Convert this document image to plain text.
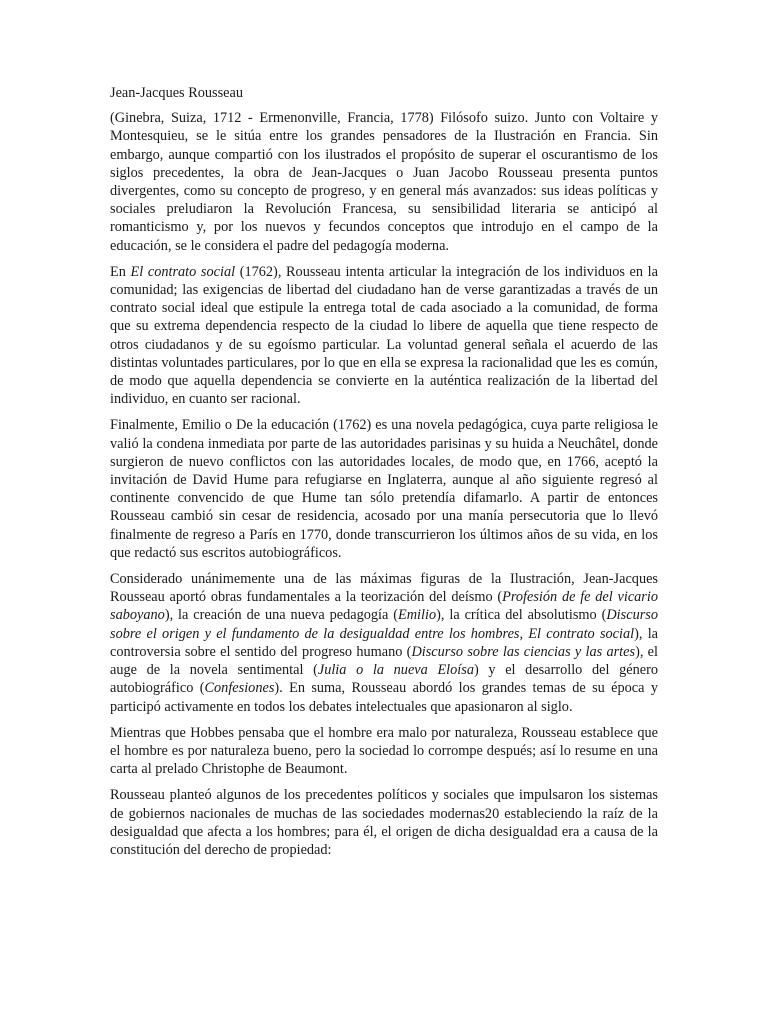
Jean-Jacques Rousseau

(Ginebra, Suiza, 1712 - Ermenonville, Francia, 1778) Filósofo suizo. Junto con Voltaire y Montesquieu, se le sitúa entre los grandes pensadores de la Ilustración en Francia. Sin embargo, aunque compartió con los ilustrados el propósito de superar el oscurantismo de los siglos precedentes, la obra de Jean-Jacques o Juan Jacobo Rousseau presenta puntos divergentes, como su concepto de progreso, y en general más avanzados: sus ideas políticas y sociales preludiaron la Revolución Francesa, su sensibilidad literaria se anticipó al romanticismo y, por los nuevos y fecundos conceptos que introdujo en el campo de la educación, se le considera el padre del pedagogía moderna.

En El contrato social (1762), Rousseau intenta articular la integración de los individuos en la comunidad; las exigencias de libertad del ciudadano han de verse garantizadas a través de un contrato social ideal que estipule la entrega total de cada asociado a la comunidad, de forma que su extrema dependencia respecto de la ciudad lo libere de aquella que tiene respecto de otros ciudadanos y de su egoísmo particular. La voluntad general señala el acuerdo de las distintas voluntades particulares, por lo que en ella se expresa la racionalidad que les es común, de modo que aquella dependencia se convierte en la auténtica realización de la libertad del individuo, en cuanto ser racional.

Finalmente, Emilio o De la educación (1762) es una novela pedagógica, cuya parte religiosa le valió la condena inmediata por parte de las autoridades parisinas y su huida a Neuchâtel, donde surgieron de nuevo conflictos con las autoridades locales, de modo que, en 1766, aceptó la invitación de David Hume para refugiarse en Inglaterra, aunque al año siguiente regresó al continente convencido de que Hume tan sólo pretendía difamarlo. A partir de entonces Rousseau cambió sin cesar de residencia, acosado por una manía persecutoria que lo llevó finalmente de regreso a París en 1770, donde transcurrieron los últimos años de su vida, en los que redactó sus escritos autobiográficos.

Considerado unánimemente una de las máximas figuras de la Ilustración, Jean-Jacques Rousseau aportó obras fundamentales a la teorización del deísmo (Profesión de fe del vicario saboyano), la creación de una nueva pedagogía (Emilio), la crítica del absolutismo (Discurso sobre el origen y el fundamento de la desigualdad entre los hombres, El contrato social), la controversia sobre el sentido del progreso humano (Discurso sobre las ciencias y las artes), el auge de la novela sentimental (Julia o la nueva Eloísa) y el desarrollo del género autobiográfico (Confesiones). En suma, Rousseau abordó los grandes temas de su época y participó activamente en todos los debates intelectuales que apasionaron al siglo.

Mientras que Hobbes pensaba que el hombre era malo por naturaleza, Rousseau establece que el hombre es por naturaleza bueno, pero la sociedad lo corrompe después; así lo resume en una carta al prelado Christophe de Beaumont.

Rousseau planteó algunos de los precedentes políticos y sociales que impulsaron los sistemas de gobiernos nacionales de muchas de las sociedades modernas20 estableciendo la raíz de la desigualdad que afecta a los hombres; para él, el origen de dicha desigualdad era a causa de la constitución del derecho de propiedad:
